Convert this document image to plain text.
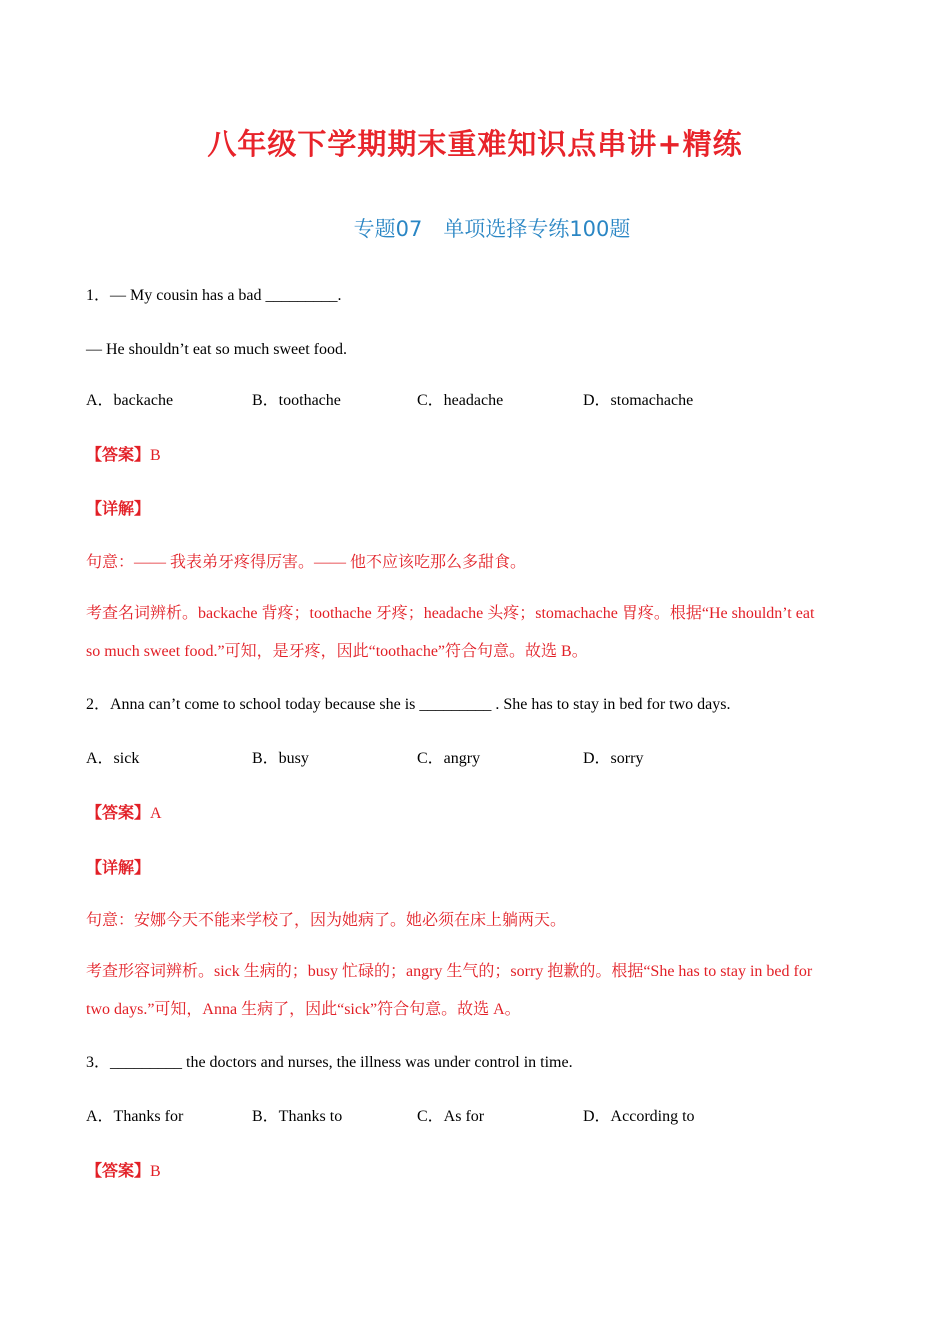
八年级下学期期末重难知识点串讲+精练
专题07　单项选择专练100题
1．— My cousin has a bad _________.
— He shouldn’t eat so much sweet food.
A．backache	B．toothache	C．headache	D．stomachache
【答案】B
【详解】
句意：—— 我表弟牙疼得厉害。—— 他不应该吃那么多甜食。
考查名词辨析。backache 背疼；toothache 牙疼；headache 头疼；stomachache 胃疼。根据“He shouldn’t eat
so much sweet food.”可知，是牙疼，因此“toothache”符合句意。故选 B。
2．Anna can’t come to school today because she is _________ . She has to stay in bed for two days.
A．sick	B．busy	C．angry	D．sorry
【答案】A
【详解】
句意：安娜今天不能来学校了，因为她病了。她必须在床上躺两天。
考查形容词辨析。sick 生病的；busy 忙碌的；angry 生气的；sorry 抱歉的。根据“She has to stay in bed for
two days.”可知，Anna 生病了，因此“sick”符合句意。故选 A。
3．_________ the doctors and nurses, the illness was under control in time.
A．Thanks for	B．Thanks to	C．As for	D．According to
【答案】B
